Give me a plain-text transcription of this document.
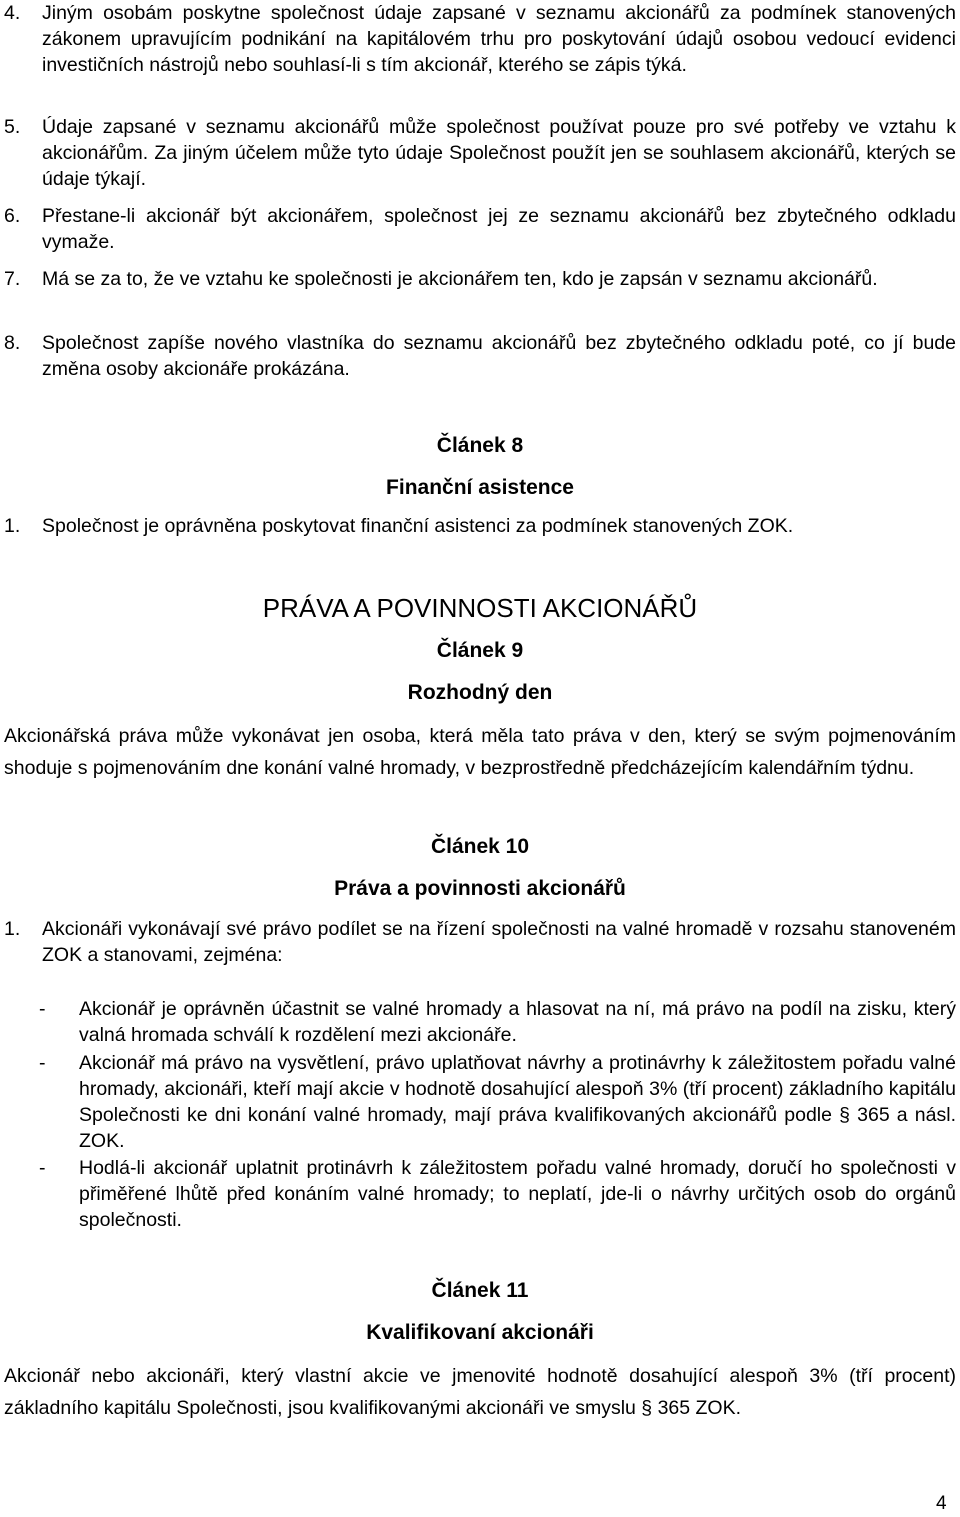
4. Jiným osobám poskytne společnost údaje zapsané v seznamu akcionářů za podmínek stanovených zákonem upravujícím podnikání na kapitálovém trhu pro poskytování údajů osobou vedoucí evidenci investičních nástrojů nebo souhlasí-li s tím akcionář, kterého se zápis týká.
5. Údaje zapsané v seznamu akcionářů může společnost používat pouze pro své potřeby ve vztahu k akcionářům. Za jiným účelem může tyto údaje Společnost použít jen se souhlasem akcionářů, kterých se údaje týkají.
6. Přestane-li akcionář být akcionářem, společnost jej ze seznamu akcionářů bez zbytečného odkladu vymaže.
7. Má se za to, že ve vztahu ke společnosti je akcionářem ten, kdo je zapsán v seznamu akcionářů.
8. Společnost zapíše nového vlastníka do seznamu akcionářů bez zbytečného odkladu poté, co jí bude změna osoby akcionáře prokázána.
Článek 8
Finanční asistence
1. Společnost je oprávněna poskytovat finanční asistenci za podmínek stanovených ZOK.
PRÁVA A POVINNOSTI AKCIONÁŘŮ
Článek 9
Rozhodný den
Akcionářská práva může vykonávat jen osoba, která měla tato práva v den, který se svým pojmenováním shoduje s pojmenováním dne konání valné hromady, v bezprostředně předcházejícím kalendářním týdnu.
Článek 10
Práva a povinnosti akcionářů
1. Akcionáři vykonávají své právo podílet se na řízení společnosti na valné hromadě v rozsahu stanoveném ZOK a stanovami, zejména:
- Akcionář je oprávněn účastnit se valné hromady a hlasovat na ní, má právo na podíl na zisku, který valná hromada schválí k rozdělení mezi akcionáře.
- Akcionář má právo na vysvětlení, právo uplatňovat návrhy a protinávrhy k záležitostem pořadu valné hromady, akcionáři, kteří mají akcie v hodnotě dosahující alespoň 3% (tří procent) základního kapitálu Společnosti ke dni konání valné hromady, mají práva kvalifikovaných akcionářů podle § 365 a násl. ZOK.
- Hodlá-li akcionář uplatnit protinávrh k záležitostem pořadu valné hromady, doručí ho společnosti v přiměřené lhůtě před konáním valné hromady; to neplatí, jde-li o návrhy určitých osob do orgánů společnosti.
Článek 11
Kvalifikovaní akcionáři
Akcionář nebo akcionáři, který vlastní akcie ve jmenovité hodnotě dosahující alespoň 3% (tří procent) základního kapitálu Společnosti, jsou kvalifikovanými akcionáři ve smyslu § 365 ZOK.
4
